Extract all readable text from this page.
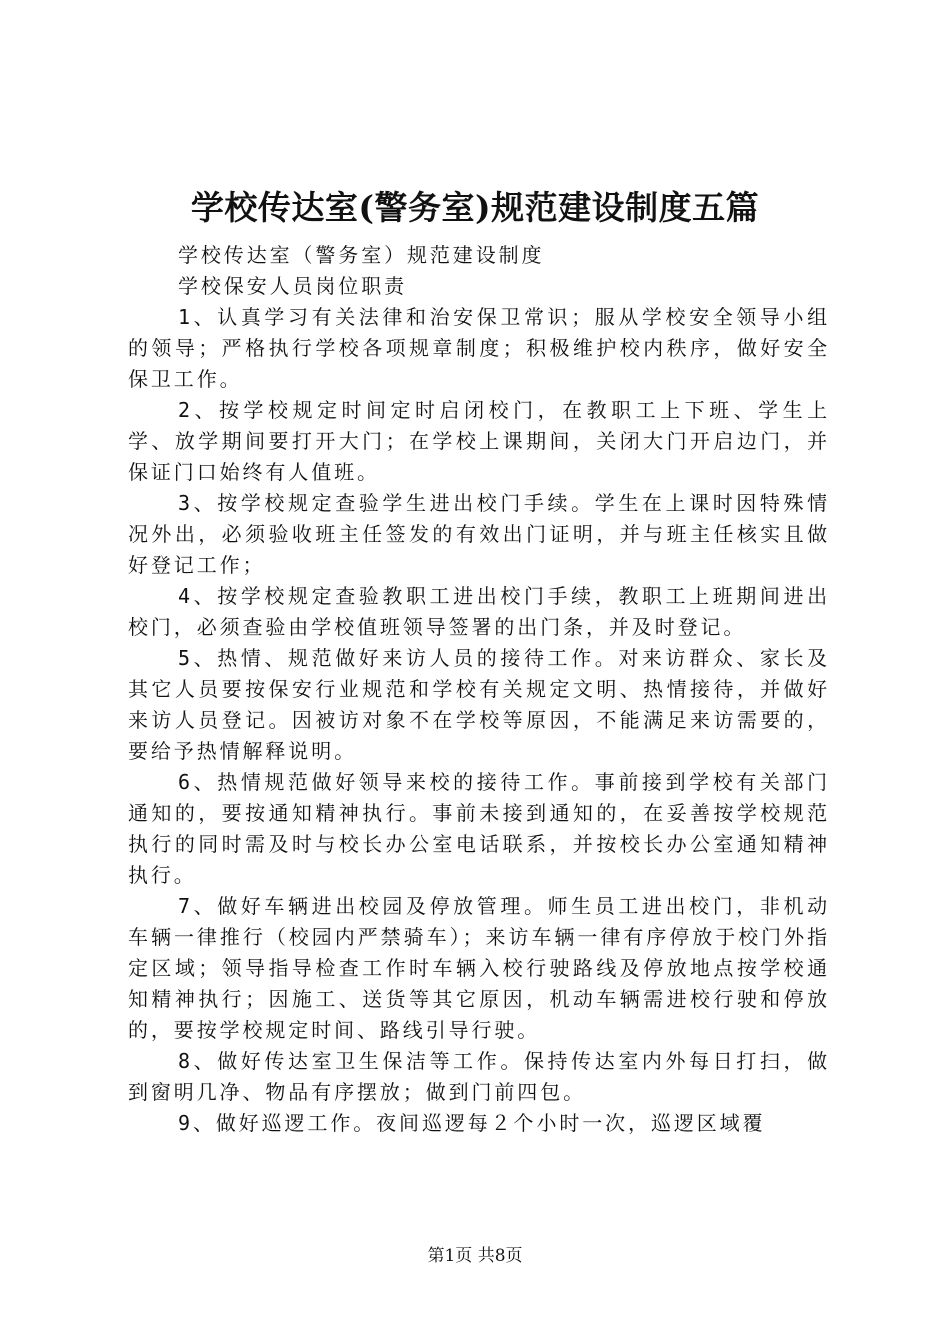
学校传达室(警务室)规范建设制度五篇

学校传达室（警务室）规范建设制度

学校保安人员岗位职责

1、认真学习有关法律和治安保卫常识；服从学校安全领导小组的领导；严格执行学校各项规章制度；积极维护校内秩序，做好安全保卫工作。

2、按学校规定时间定时启闭校门，在教职工上下班、学生上学、放学期间要打开大门；在学校上课期间，关闭大门开启边门，并保证门口始终有人值班。

3、按学校规定查验学生进出校门手续。学生在上课时因特殊情况外出，必须验收班主任签发的有效出门证明，并与班主任核实且做好登记工作；

4、按学校规定查验教职工进出校门手续，教职工上班期间进出校门，必须查验由学校值班领导签署的出门条，并及时登记。

5、热情、规范做好来访人员的接待工作。对来访群众、家长及其它人员要按保安行业规范和学校有关规定文明、热情接待，并做好来访人员登记。因被访对象不在学校等原因，不能满足来访需要的，要给予热情解释说明。

6、热情规范做好领导来校的接待工作。事前接到学校有关部门通知的，要按通知精神执行。事前未接到通知的，在妥善按学校规范执行的同时需及时与校长办公室电话联系，并按校长办公室通知精神执行。

7、做好车辆进出校园及停放管理。师生员工进出校门，非机动车辆一律推行（校园内严禁骑车）；来访车辆一律有序停放于校门外指定区域；领导指导检查工作时车辆入校行驶路线及停放地点按学校通知精神执行；因施工、送货等其它原因，机动车辆需进校行驶和停放的，要按学校规定时间、路线引导行驶。

8、做好传达室卫生保洁等工作。保持传达室内外每日打扫，做到窗明几净、物品有序摆放；做到门前四包。

9、做好巡逻工作。夜间巡逻每２个小时一次，巡逻区域覆

第1页 共8页
